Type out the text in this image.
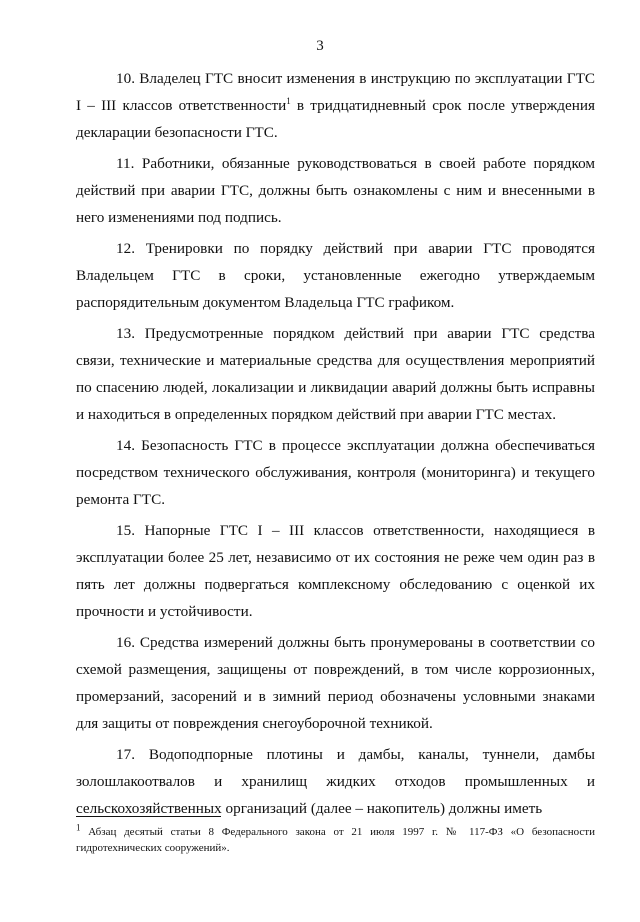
3

10. Владелец ГТС вносит изменения в инструкцию по эксплуатации ГТС I – III классов ответственности$^1$ в тридцатидневный срок после утверждения декларации безопасности ГТС.

11. Работники, обязанные руководствоваться в своей работе порядком действий при аварии ГТС, должны быть ознакомлены с ним и внесенными в него изменениями под подпись.

12. Тренировки по порядку действий при аварии ГТС проводятся Владельцем ГТС в сроки, установленные ежегодно утверждаемым распорядительным документом Владельца ГТС графиком.

13. Предусмотренные порядком действий при аварии ГТС средства связи, технические и материальные средства для осуществления мероприятий по спасению людей, локализации и ликвидации аварий должны быть исправны и находиться в определенных порядком действий при аварии ГТС местах.

14. Безопасность ГТС в процессе эксплуатации должна обеспечиваться посредством технического обслуживания, контроля (мониторинга) и текущего ремонта ГТС.

15. Напорные ГТС I – III классов ответственности, находящиеся в эксплуатации более 25 лет, независимо от их состояния не реже чем один раз в пять лет должны подвергаться комплексному обследованию с оценкой их прочности и устойчивости.

16. Средства измерений должны быть пронумерованы в соответствии со схемой размещения, защищены от повреждений, в том числе коррозионных, промерзаний, засорений и в зимний период обозначены условными знаками для защиты от повреждения снегоуборочной техникой.

17. Водоподпорные плотины и дамбы, каналы, туннели, дамбы золошлакоотвалов и хранилищ жидких отходов промышленных и сельскохозяйственных организаций (далее – накопитель) должны иметь

$^1$ Абзац десятый статьи 8 Федерального закона от 21 июля 1997 г. № 117-ФЗ «О безопасности гидротехнических сооружений».
